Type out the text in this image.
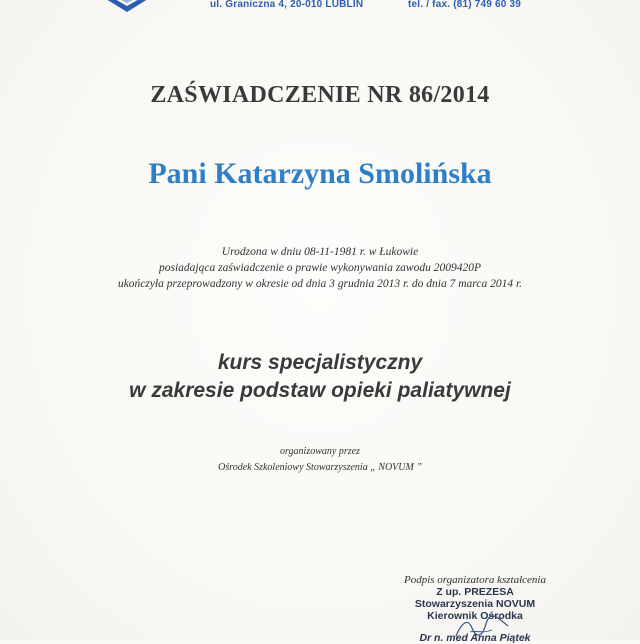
ul. Graniczna 4, 20-010 LUBLIN	tel. / fax. (81) 749 60 39
ZAŚWIADCZENIE NR 86/2014
Pani Katarzyna Smolińska
Urodzona w dniu 08-11-1981 r. w Łukowie
posiadająca zaświadczenie o prawie wykonywania zawodu 2009420P
ukończyła przeprowadzony w okresie od dnia 3 grudnia 2013 r. do dnia 7 marca 2014 r.
kurs specjalistyczny
w zakresie podstaw opieki paliatywnej
organizowany przez
Ośrodek Szkoleniowy Stowarzyszenia „ NOVUM ”
Podpis organizatora kształcenia
Z up. PREZESA
Stowarzyszenia NOVUM
Kierownik Ośrodka
Dr n. med Anna Piątek
